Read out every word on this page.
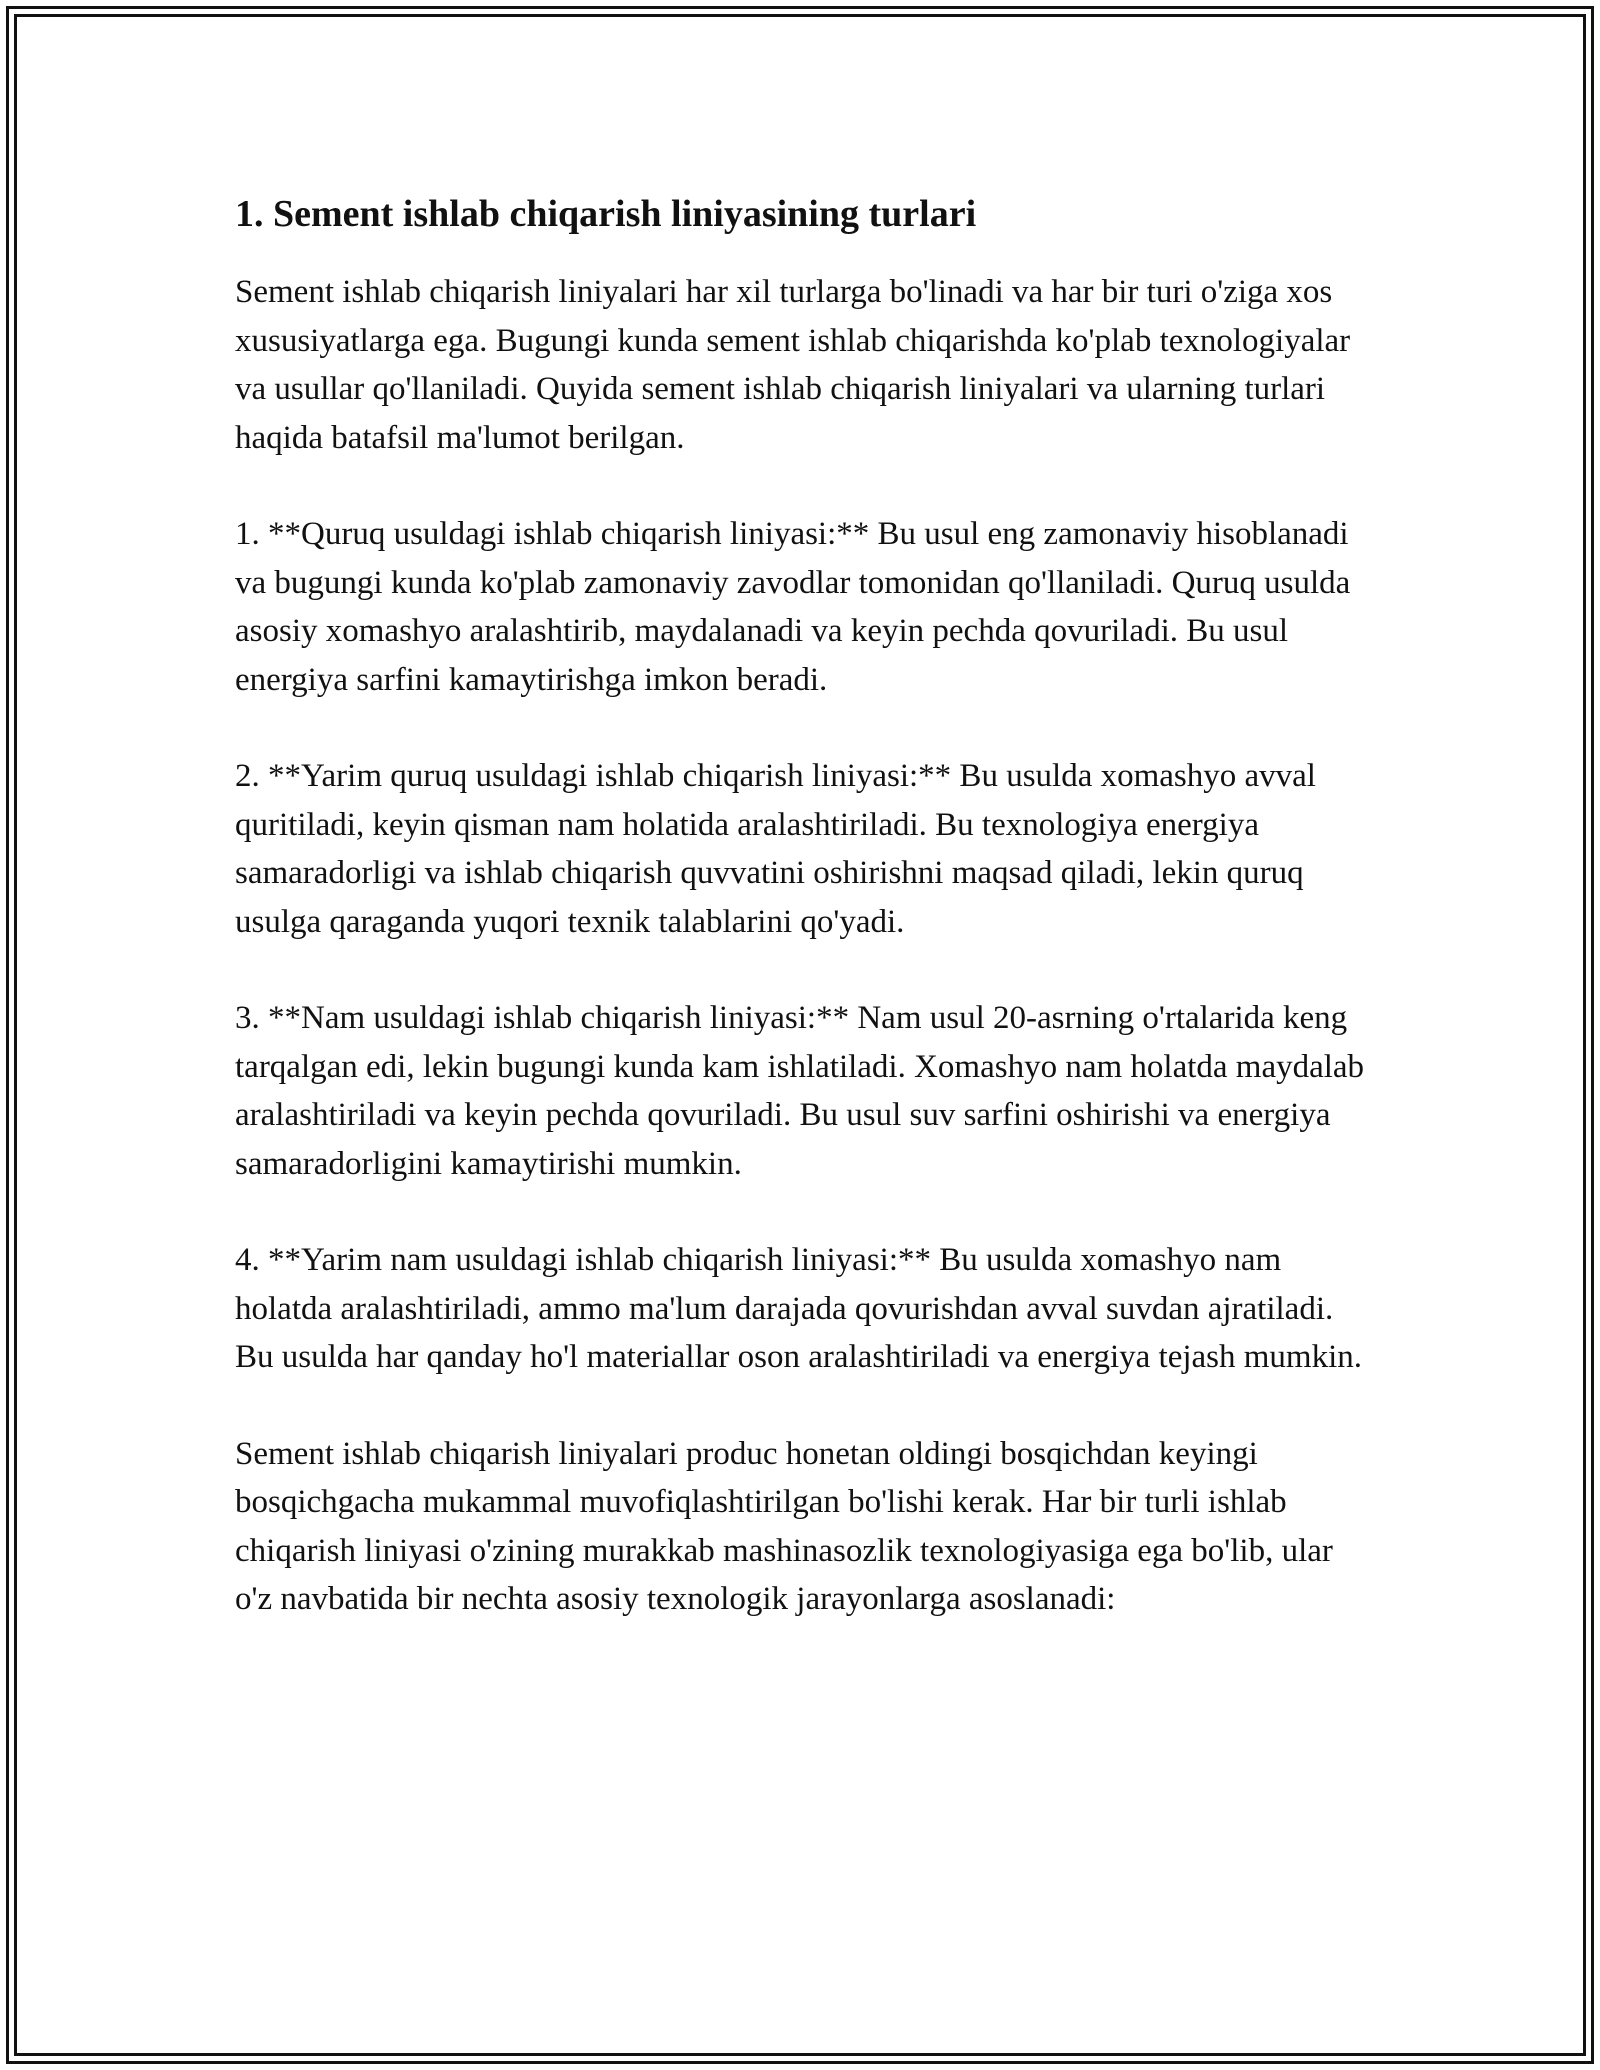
1. Sement ishlab chiqarish liniyasining turlari

Sement ishlab chiqarish liniyalari har xil turlarga bo'linadi va har bir turi o'ziga xos xususiyatlarga ega. Bugungi kunda sement ishlab chiqarishda ko'plab texnologiyalar va usullar qo'llaniladi. Quyida sement ishlab chiqarish liniyalari va ularning turlari haqida batafsil ma'lumot berilgan.

1. **Quruq usuldagi ishlab chiqarish liniyasi:** Bu usul eng zamonaviy hisoblanadi va bugungi kunda ko'plab zamonaviy zavodlar tomonidan qo'llaniladi. Quruq usulda asosiy xomashyo aralashtirib, maydalanadi va keyin pechda qovuriladi. Bu usul energiya sarfini kamaytirishga imkon beradi.

2. **Yarim quruq usuldagi ishlab chiqarish liniyasi:** Bu usulda xomashyo avval quritiladi, keyin qisman nam holatida aralashtiriladi. Bu texnologiya energiya samaradorligi va ishlab chiqarish quvvatini oshirishni maqsad qiladi, lekin quruq usulga qaraganda yuqori texnik talablarini qo'yadi.

3. **Nam usuldagi ishlab chiqarish liniyasi:** Nam usul 20-asrning o'rtalarida keng tarqalgan edi, lekin bugungi kunda kam ishlatiladi. Xomashyo nam holatda maydalab aralashtiriladi va keyin pechda qovuriladi. Bu usul suv sarfini oshirishi va energiya samaradorligini kamaytirishi mumkin.

4. **Yarim nam usuldagi ishlab chiqarish liniyasi:** Bu usulda xomashyo nam holatda aralashtiriladi, ammo ma'lum darajada qovurishdan avval suvdan ajratiladi. Bu usulda har qanday ho'l materiallar oson aralashtiriladi va energiya tejash mumkin.

Sement ishlab chiqarish liniyalari produc honetan oldingi bosqichdan keyingi bosqichgacha mukammal muvofiqlashtirilgan bo'lishi kerak. Har bir turli ishlab chiqarish liniyasi o'zining murakkab mashinasozlik texnologiyasiga ega bo'lib, ular o'z navbatida bir nechta asosiy texnologik jarayonlarga asoslanadi:
